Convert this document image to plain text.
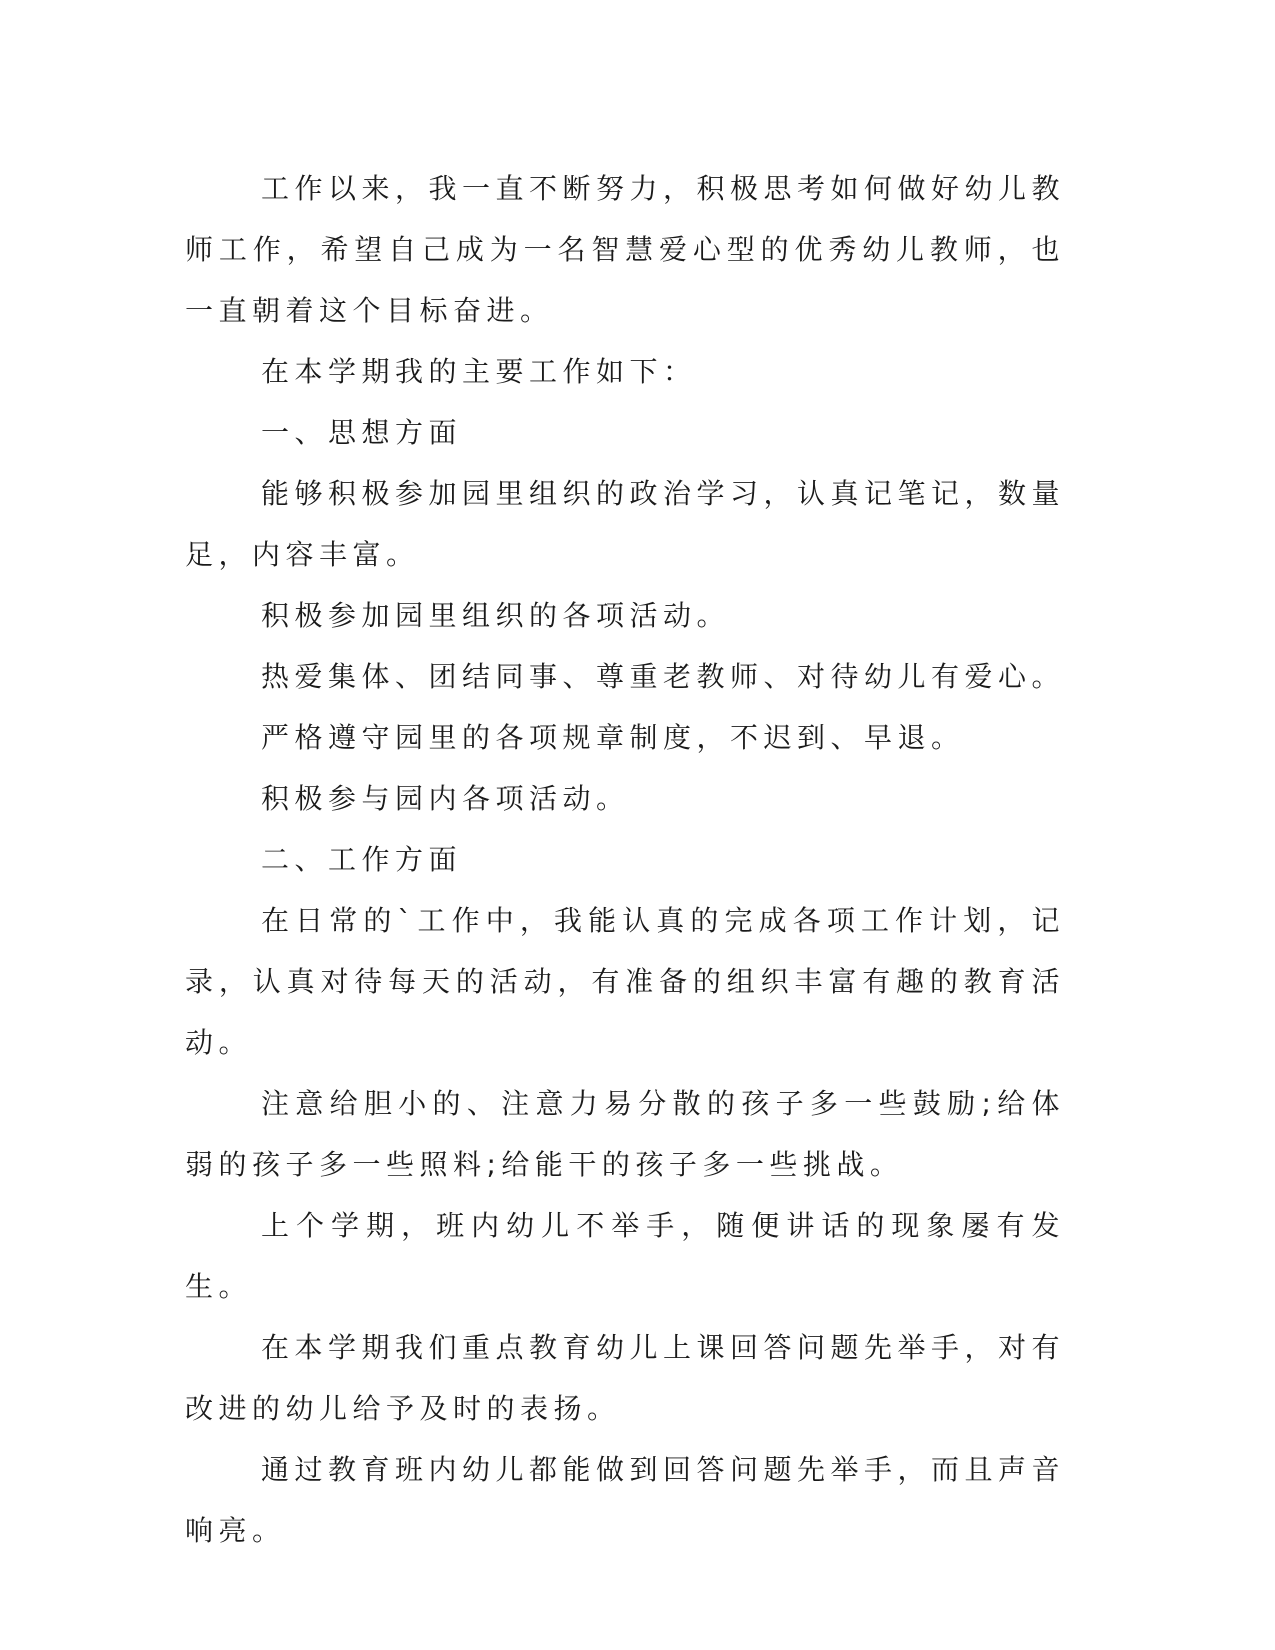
工作以来，我一直不断努力，积极思考如何做好幼儿教师工作，希望自己成为一名智慧爱心型的优秀幼儿教师，也一直朝着这个目标奋进。

在本学期我的主要工作如下：

一、思想方面

能够积极参加园里组织的政治学习，认真记笔记，数量足，内容丰富。

积极参加园里组织的各项活动。

热爱集体、团结同事、尊重老教师、对待幼儿有爱心。

严格遵守园里的各项规章制度，不迟到、早退。

积极参与园内各项活动。

二、工作方面

在日常的`工作中，我能认真的完成各项工作计划，记录，认真对待每天的活动，有准备的组织丰富有趣的教育活动。

注意给胆小的、注意力易分散的孩子多一些鼓励;给体弱的孩子多一些照料;给能干的孩子多一些挑战。

上个学期，班内幼儿不举手，随便讲话的现象屡有发生。

在本学期我们重点教育幼儿上课回答问题先举手，对有改进的幼儿给予及时的表扬。

通过教育班内幼儿都能做到回答问题先举手，而且声音响亮。
